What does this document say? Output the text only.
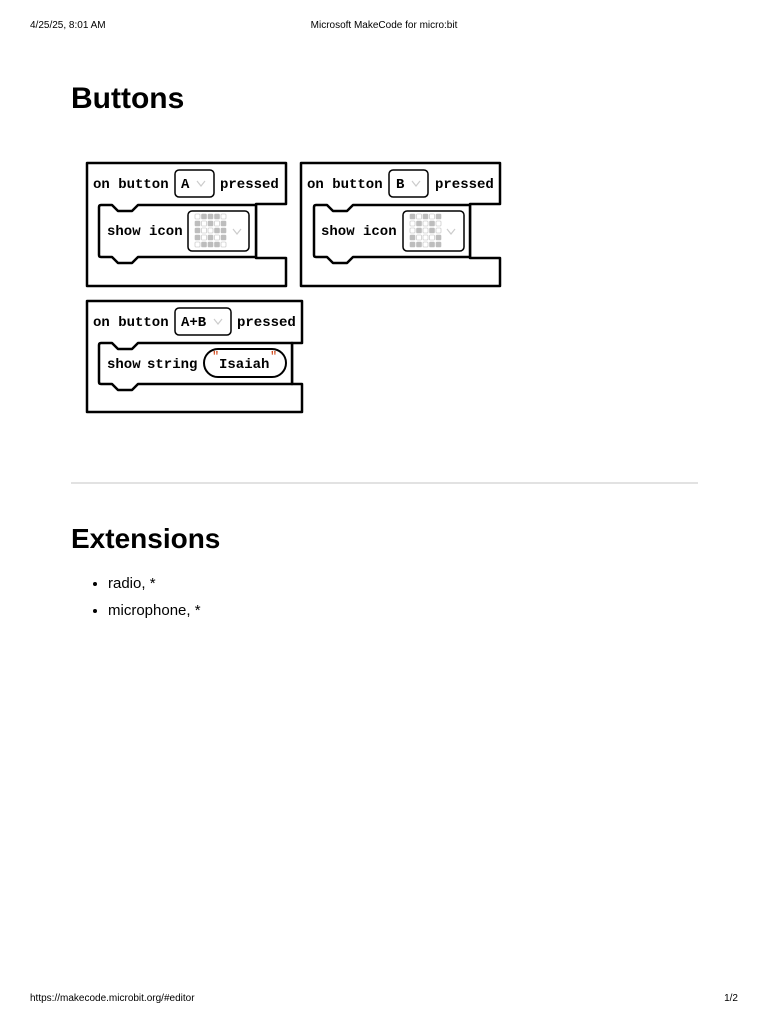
4/25/25, 8:01 AM	Microsoft MakeCode for micro:bit
Buttons
on button A pressed
show icon
on button B pressed
show icon
on button A+B pressed
show string " Isaiah "
Extensions
• radio, *
• microphone, *
https://makecode.microbit.org/#editor	1/2
